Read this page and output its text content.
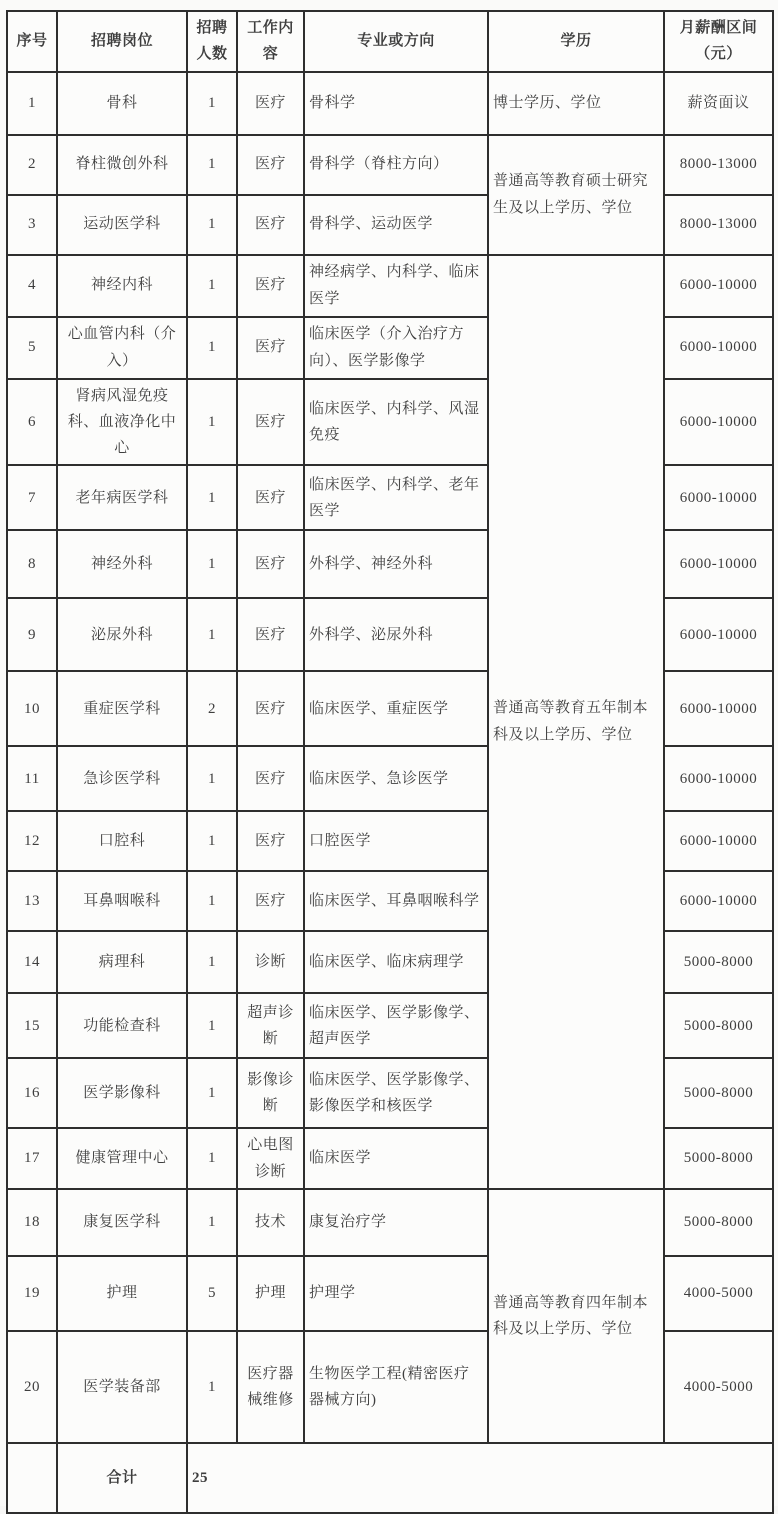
序号	招聘岗位	招聘人数	工作内容	专业或方向	学历	月薪酬区间（元）
1	骨科	1	医疗	骨科学	博士学历、学位	薪资面议
2	脊柱微创外科	1	医疗	骨科学（脊柱方向）	普通高等教育硕士研究生及以上学历、学位	8000-13000
3	运动医学科	1	医疗	骨科学、运动医学		8000-13000
4	神经内科	1	医疗	神经病学、内科学、临床医学	普通高等教育五年制本科及以上学历、学位	6000-10000
5	心血管内科（介入）	1	医疗	临床医学（介入治疗方向）、医学影像学		6000-10000
6	肾病风湿免疫科、血液净化中心	1	医疗	临床医学、内科学、风湿免疫		6000-10000
7	老年病医学科	1	医疗	临床医学、内科学、老年医学		6000-10000
8	神经外科	1	医疗	外科学、神经外科		6000-10000
9	泌尿外科	1	医疗	外科学、泌尿外科		6000-10000
10	重症医学科	2	医疗	临床医学、重症医学		6000-10000
11	急诊医学科	1	医疗	临床医学、急诊医学		6000-10000
12	口腔科	1	医疗	口腔医学		6000-10000
13	耳鼻咽喉科	1	医疗	临床医学、耳鼻咽喉科学		6000-10000
14	病理科	1	诊断	临床医学、临床病理学		5000-8000
15	功能检查科	1	超声诊断	临床医学、医学影像学、超声医学		5000-8000
16	医学影像科	1	影像诊断	临床医学、医学影像学、影像医学和核医学		5000-8000
17	健康管理中心	1	心电图诊断	临床医学		5000-8000
18	康复医学科	1	技术	康复治疗学	普通高等教育四年制本科及以上学历、学位	5000-8000
19	护理	5	护理	护理学		4000-5000
20	医学装备部	1	医疗器械维修	生物医学工程(精密医疗器械方向)		4000-5000
	合计	25				
